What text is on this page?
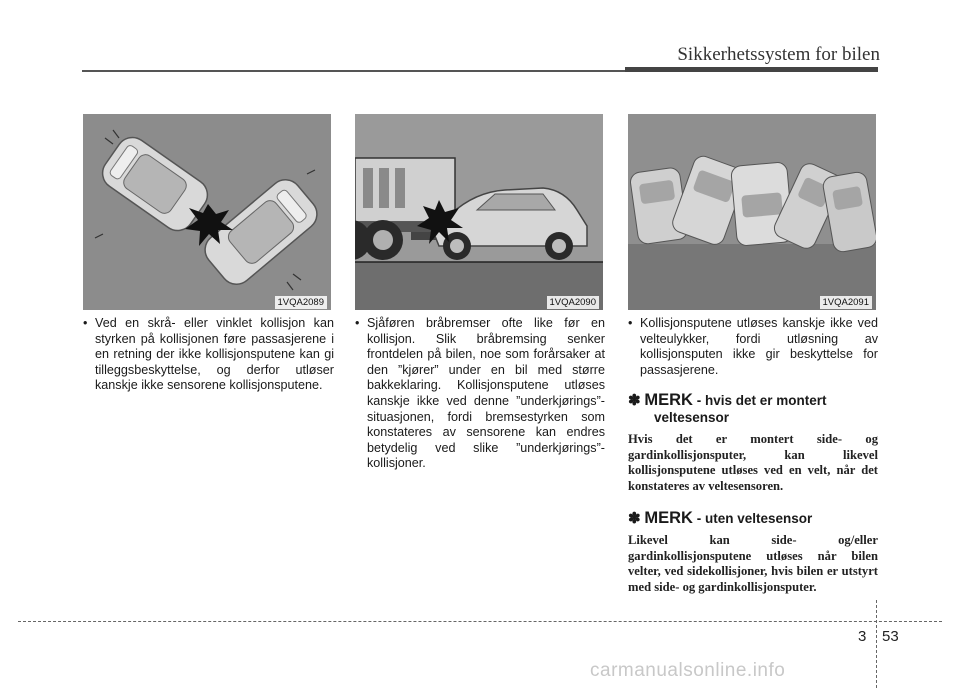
Sikkerhetssystem for bilen
1VQA2089	1VQA2090	1VQA2091

• Ved en skrå- eller vinklet kollisjon kan styrken på kollisjonen føre passasjerene i en retning der ikke kollisjonsputene kan gi tilleggsbeskyttelse, og derfor utløser kanskje ikke sensorene kollisjonsputene.

• Sjåføren bråbremser ofte like før en kollisjon. Slik bråbremsing senker frontdelen på bilen, noe som forårsaker at den ”kjører” under en bil med større bakkeklaring. Kollisjonsputene utløses kanskje ikke ved denne ”underkjørings”-situasjonen, fordi bremsestyrken som konstateres av sensorene kan endres betydelig ved slike ”underkjørings”-kollisjoner.

• Kollisjonsputene utløses kanskje ikke ved velteulykker, fordi utløsning av kollisjonsputen ikke gir beskyttelse for passasjerene.

✽ MERK - hvis det er montert veltesensor

Hvis det er montert side- og gardinkollisjonsputer, kan likevel kollisjonsputene utløses ved en velt, når det konstateres av veltesensoren.

✽ MERK - uten veltesensor

Likevel kan side- og/eller gardinkollisjonsputene utløses når bilen velter, ved sidekollisjoner, hvis bilen er utstyrt med side- og gardinkollisjonsputer.

3 53
carmanualsonline.info
